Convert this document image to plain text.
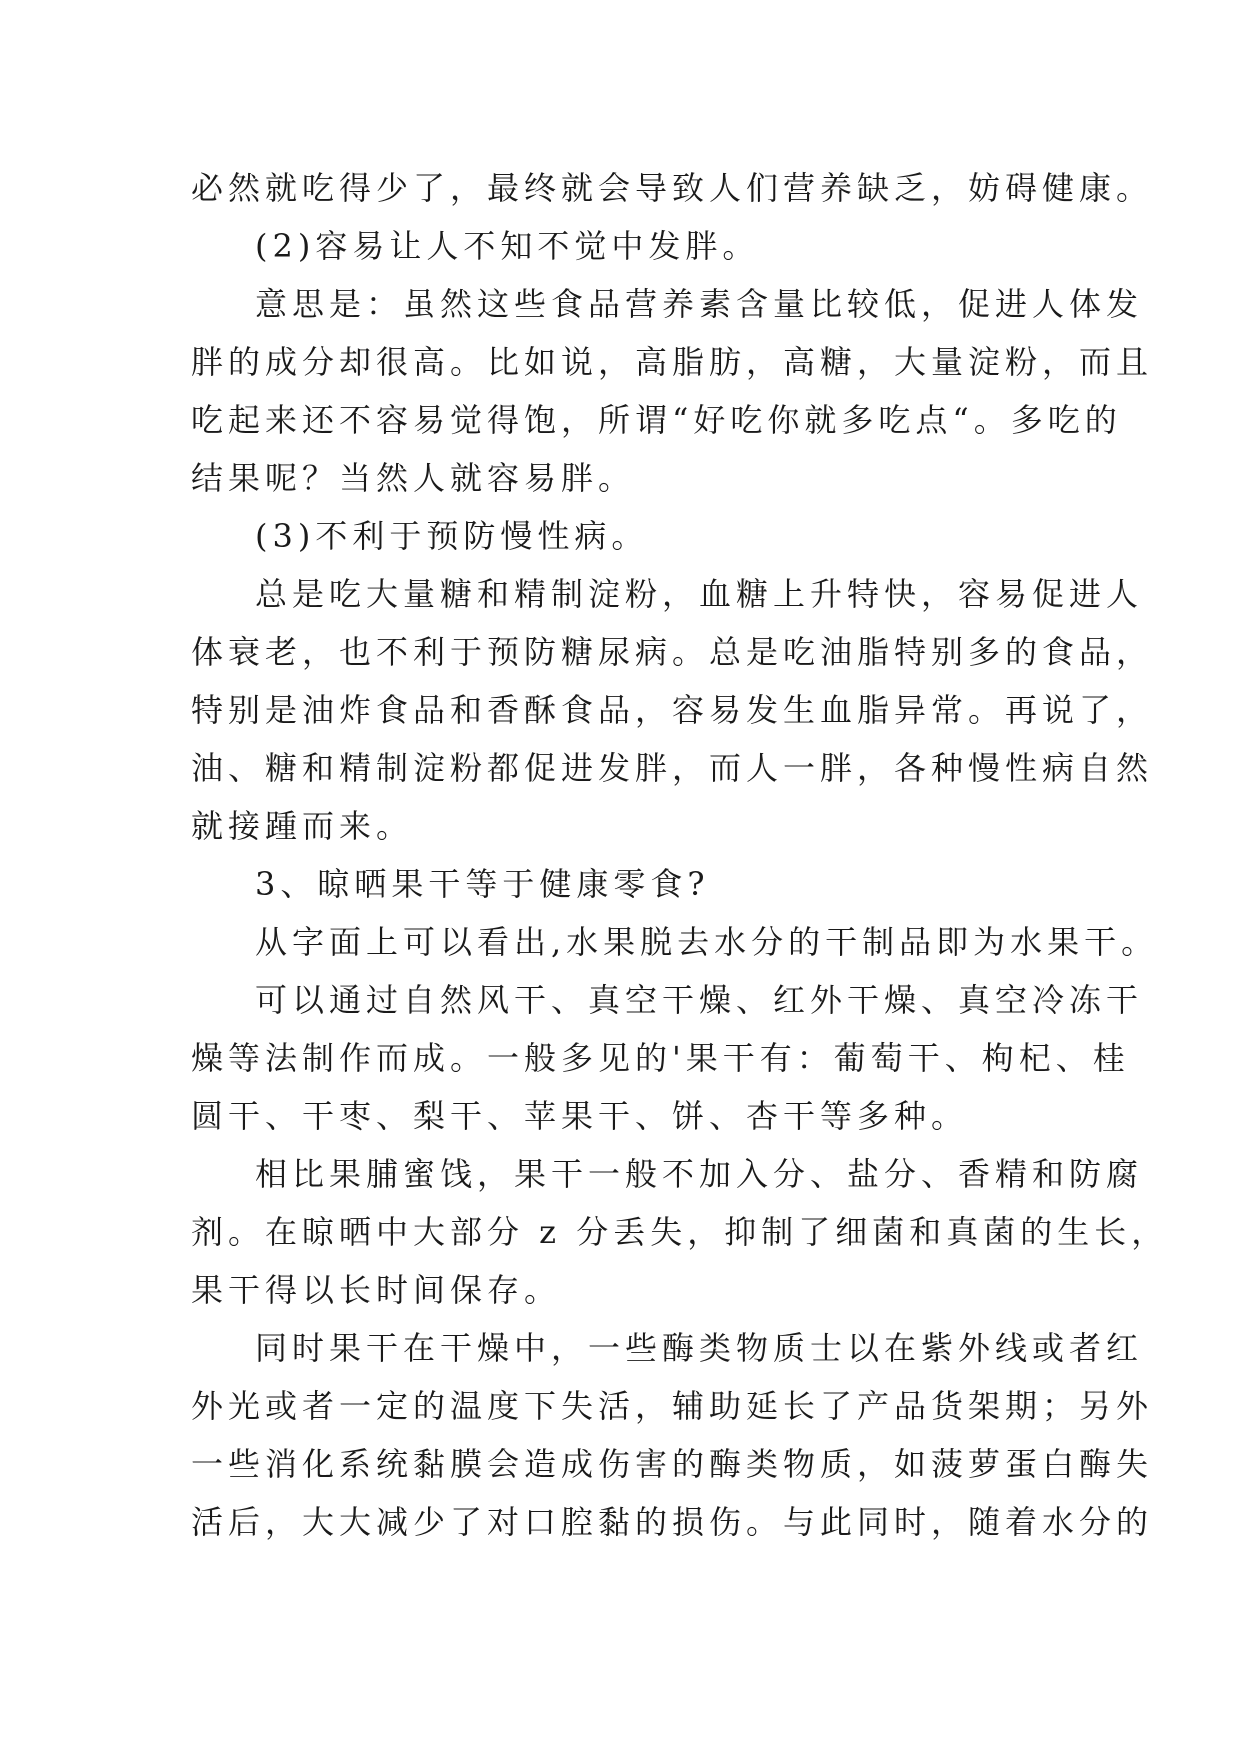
必然就吃得少了，最终就会导致人们营养缺乏，妨碍健康。
(2)容易让人不知不觉中发胖。
意思是：虽然这些食品营养素含量比较低，促进人体发
胖的成分却很高。比如说，高脂肪，高糖，大量淀粉，而且
吃起来还不容易觉得饱，所谓“好吃你就多吃点“。多吃的
结果呢？当然人就容易胖。
(3)不利于预防慢性病。
总是吃大量糖和精制淀粉，血糖上升特快，容易促进人
体衰老，也不利于预防糖尿病。总是吃油脂特别多的食品，
特别是油炸食品和香酥食品，容易发生血脂异常。再说了，
油、糖和精制淀粉都促进发胖，而人一胖，各种慢性病自然
就接踵而来。
3、晾晒果干等于健康零食?
从字面上可以看出,水果脱去水分的干制品即为水果干。
可以通过自然风干、真空干燥、红外干燥、真空冷冻干
燥等法制作而成。一般多见的'果干有：葡萄干、枸杞、桂
圆干、干枣、梨干、苹果干、饼、杏干等多种。
相比果脯蜜饯，果干一般不加入分、盐分、香精和防腐
剂。在晾晒中大部分 z 分丢失，抑制了细菌和真菌的生长，
果干得以长时间保存。
同时果干在干燥中，一些酶类物质士以在紫外线或者红
外光或者一定的温度下失活，辅助延长了产品货架期；另外
一些消化系统黏膜会造成伤害的酶类物质，如菠萝蛋白酶失
活后，大大减少了对口腔黏的损伤。与此同时，随着水分的
